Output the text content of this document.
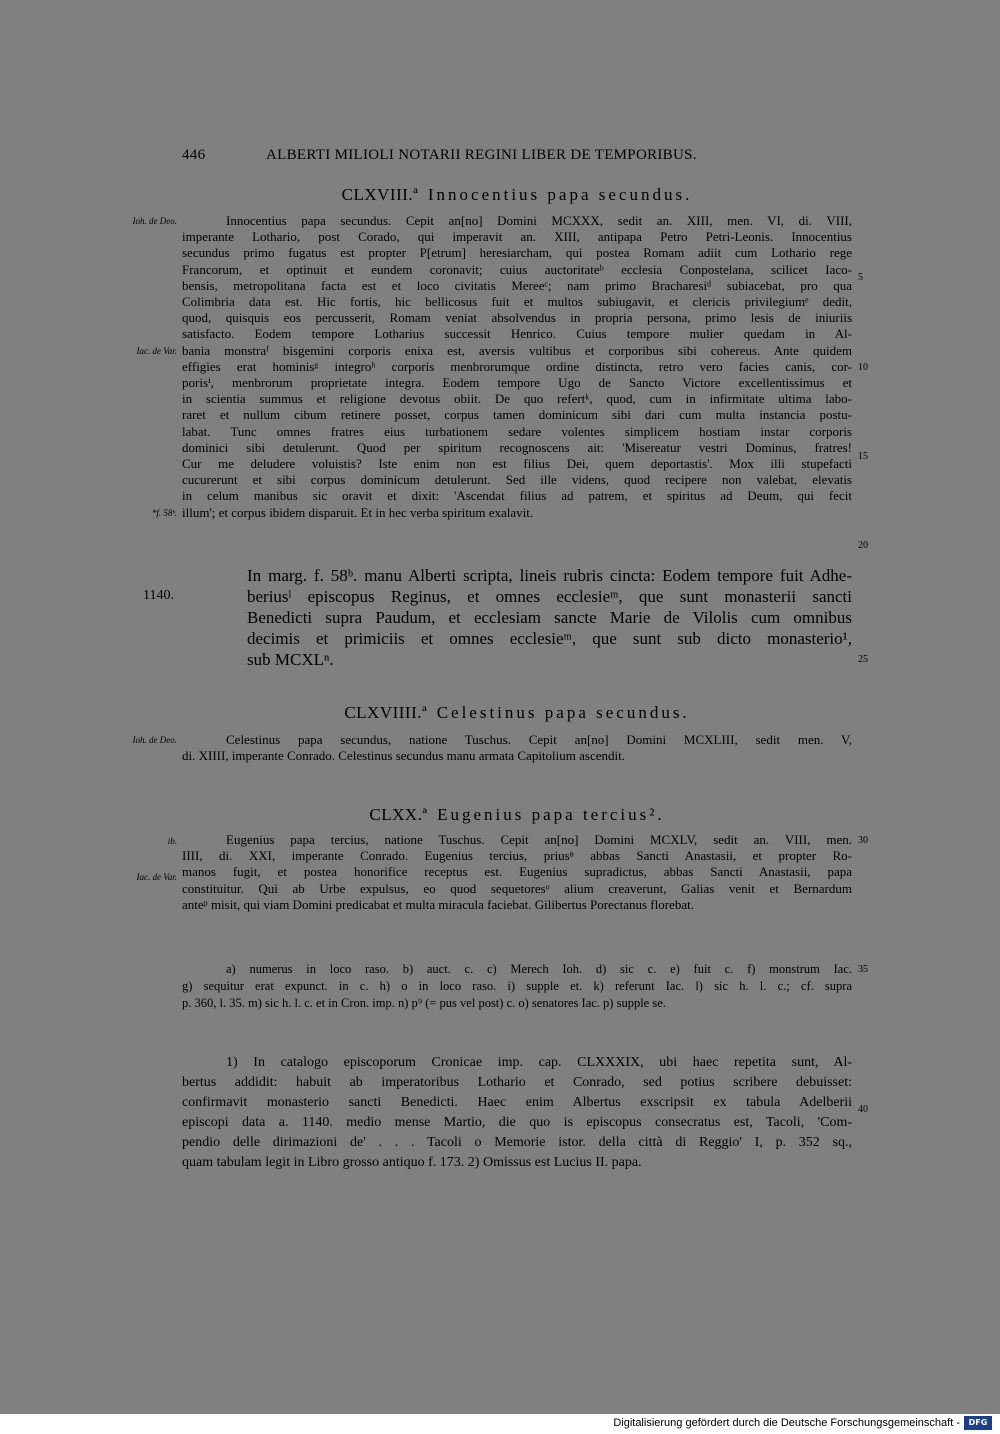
446	ALBERTI MILIOLI NOTARII REGINI LIBER DE TEMPORIBUS.
CLXVIII.ª Innocentius papa secundus.
Ioh. de Deo.
Iac. de Var.
*f. 58ᵇ.
Innocentius papa secundus. Cepit an[no] Domini MCXXX, sedit an. XIII, men. VI, di. VIII,
imperante Lothario, post Corado, qui imperavit an. XIII, antipapa Petro Petri-Leonis. Innocentius
secundus primo fugatus est propter P[etrum] heresiarcham, qui postea Romam adiit cum Lothario rege
Francorum, et optinuit et eundem coronavit; cuius auctoritateᵇ ecclesia Conpostelana, scilicet Iaco-
bensis, metropolitana facta est et loco civitatis Mereeᶜ; nam primo Bracharesiᵈ subiacebat, pro qua
Colimbria data est. Hic fortis, hic bellicosus fuit et multos subiugavit, et clericis privilegiumᵉ dedit,
quod, quisquis eos percusserit, Romam veniat absolvendus in propria persona, primo lesis de iniuriis
satisfacto. Eodem tempore Lotharius successit Henrico. Cuius tempore mulier quedam in Al-
bania monstraᶠ bisgemini corporis enixa est, aversis vultibus et corporibus sibi cohereus. Ante quidem
effigies erat hominisᵍ integroʰ corporis menbrorumque ordine distincta, retro vero facies canis, cor-
porisⁱ, menbrorum proprietate integra. Eodem tempore Ugo de Sancto Victore excellentissimus et
in scientia summus et religione devotus obiit. De quo refertᵏ, quod, cum in infirmitate ultima labo-
raret et nullum cibum retinere posset, corpus tamen dominicum sibi dari cum multa instancia postu-
labat. Tunc omnes fratres eius turbationem sedare volentes simplicem hostiam instar corporis
dominici sibi detulerunt. Quod per spiritum recognoscens ait: 'Misereatur vestri Dominus, fratres!
Cur me deludere voluistis? Iste enim non est filius Dei, quem deportastis'. Mox illi stupefacti
cucurerunt et sibi corpus dominicum detulerunt. Sed ille videns, quod recipere non valebat, elevatis
in celum manibus sic oravit et dixit: 'Ascendat filius ad patrem, et spiritus ad Deum, qui fecit
illum'; et corpus ibidem disparuit. Et in hec verba spiritum exalavit.
5
10
15
20
1140.
In marg. f. 58ᵇ. manu Alberti scripta, lineis rubris cincta: Eodem tempore fuit Adhe-
beriusˡ episcopus Reginus, et omnes ecclesieᵐ, que sunt monasterii sancti
Benedicti supra Paudum, et ecclesiam sancte Marie de Vilolis cum omnibus
decimis et primiciis et omnes ecclesieᵐ, que sunt sub dicto monasterio¹,
sub MCXLⁿ.	25
CLXVIIII.ª Celestinus papa secundus.
Ioh. de Deo.	Celestinus papa secundus, natione Tuschus. Cepit an[no] Domini MCXLIII, sedit men. V,
di. XIIII, imperante Conrado. Celestinus secundus manu armata Capitolium ascendit.
CLXX.ª Eugenius papa tercius².
ib.
Iac. de Var.
Eugenius papa tercius, natione Tuschus. Cepit an[no] Domini MCXLV, sedit an. VIII, men.
IIII, di. XXI, imperante Conrado. Eugenius tercius, priusⁿ abbas Sancti Anastasii, et propter Ro-
manos fugit, et postea honorifice receptus est. Eugenius supradictus, abbas Sancti Anastasii, papa
constituitur. Qui ab Urbe expulsus, eo quod sequetoresᵒ alium creaverunt, Galias venit et Bernardum
anteᵖ misit, qui viam Domini predicabat et multa miracula faciebat. Gilibertus Porectanus florebat.
30
a) numerus in loco raso. b) auct. c. c) Merech Ioh. d) sic c. e) fuit c. f) monstrum Iac.
g) sequitur erat expunct. in c. h) o in loco raso. i) supple et. k) referunt Iac. l) sic h. l. c.; cf. supra
p. 360, l. 35. m) sic h. l. c. et in Cron. imp. n) p⁹ (= pus vel post) c. o) senatores Iac. p) supple se.
35
1) In catalogo episcoporum Cronicae imp. cap. CLXXXIX, ubi haec repetita sunt, Al-
bertus addidit: habuit ab imperatoribus Lothario et Conrado, sed potius scribere debuisset:
confirmavit monasterio sancti Benedicti. Haec enim Albertus exscripsit ex tabula Adelberii
episcopi data a. 1140. medio mense Martio, die quo is episcopus consecratus est, Tacoli, 'Com-
pendio delle dirimazioni de' . . . Tacoli o Memorie istor. della città di Reggio' I, p. 352 sq.,
quam tabulam legit in Libro grosso antiquo f. 173. 2) Omissus est Lucius II. papa.
40
Digitalisierung gefördert durch die Deutsche Forschungsgemeinschaft -	DFG
